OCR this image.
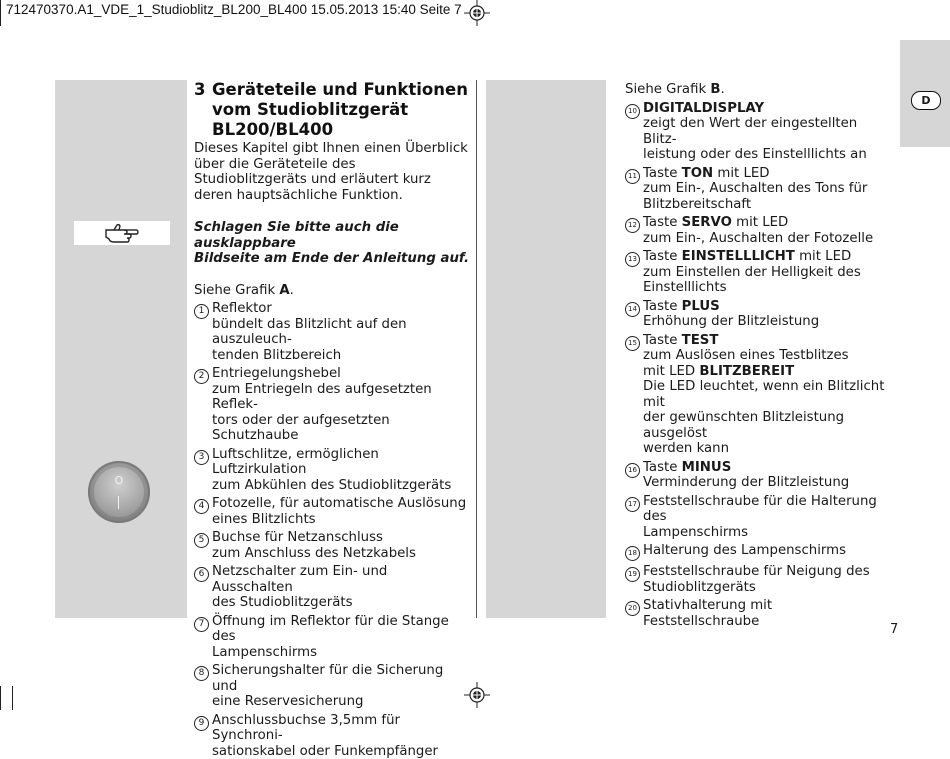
712470370.A1_VDE_1_Studioblitz_BL200_BL400 15.05.2013 15:40 Seite 7
O
D
3 Geräteteile und Funktionen
vom Studioblitzgerät
BL200/BL400

Dieses Kapitel gibt Ihnen einen Überblick über die Geräteteile des Studioblitzgeräts und erläutert kurz deren hauptsächliche Funktion.

Schlagen Sie bitte auch die ausklappbare
Bildseite am Ende der Anleitung auf.

Siehe Grafik A.

1 Reflektor
bündelt das Blitzlicht auf den auszuleuch-
tenden Blitzbereich
2 Entriegelungshebel
zum Entriegeln des aufgesetzten Reflek-
tors oder der aufgesetzten Schutzhaube
3 Luftschlitze, ermöglichen Luftzirkulation
zum Abkühlen des Studioblitzgeräts
4 Fotozelle, für automatische Auslösung
eines Blitzlichts
5 Buchse für Netzanschluss
zum Anschluss des Netzkabels
6 Netzschalter zum Ein- und Ausschalten
des Studioblitzgeräts
7 Öffnung im Reflektor für die Stange des
Lampenschirms
8 Sicherungshalter für die Sicherung und
eine Reservesicherung
9 Anschlussbuchse 3,5mm für Synchroni-
sationskabel oder Funkempfänger

Siehe Grafik B.

10 DIGITALDISPLAY
zeigt den Wert der eingestellten Blitz-
leistung oder des Einstelllichts an
11 Taste TON mit LED
zum Ein-, Auschalten des Tons für
Blitzbereitschaft
12 Taste SERVO mit LED
zum Ein-, Auschalten der Fotozelle
13 Taste EINSTELLLICHT mit LED
zum Einstellen der Helligkeit des
Einstelllichts
14 Taste PLUS
Erhöhung der Blitzleistung
15 Taste TEST
zum Auslösen eines Testblitzes
mit LED BLITZBEREIT
Die LED leuchtet, wenn ein Blitzlicht mit
der gewünschten Blitzleistung ausgelöst
werden kann
16 Taste MINUS
Verminderung der Blitzleistung
17 Feststellschraube für die Halterung des
Lampenschirms
18 Halterung des Lampenschirms
19 Feststellschraube für Neigung des
Studioblitzgeräts
20 Stativhalterung mit Feststellschraube
7
